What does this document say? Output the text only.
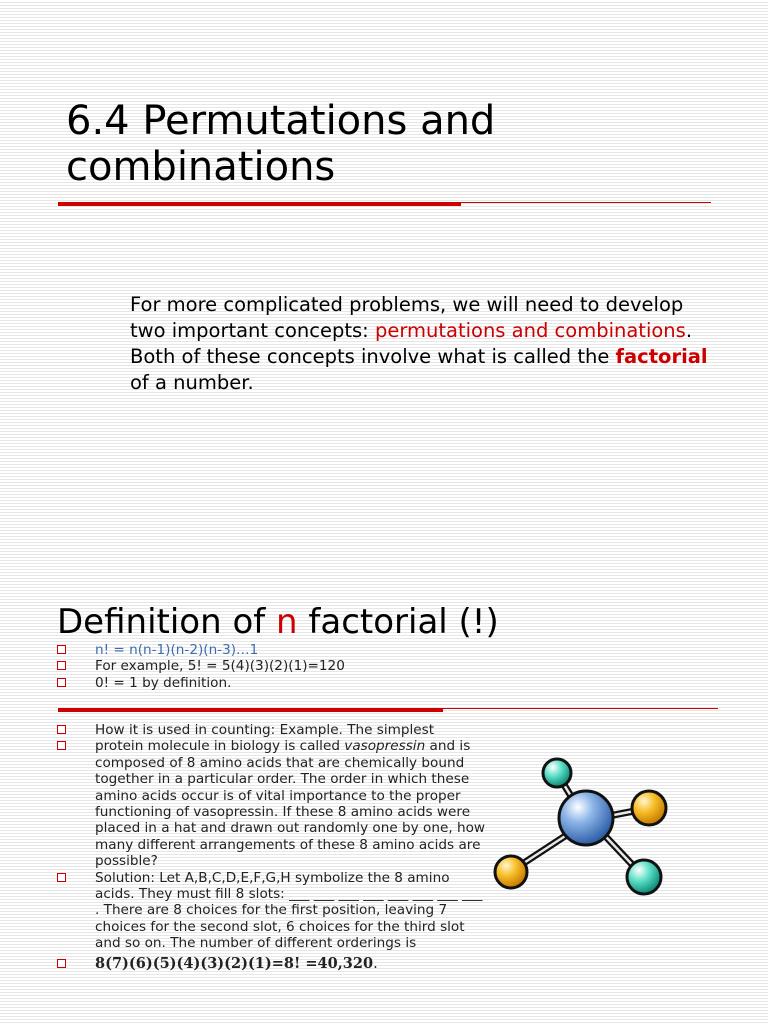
6.4 Permutations and combinations

For more complicated problems, we will need to develop two important concepts: permutations and combinations. Both of these concepts involve what is called the factorial of a number.

Definition of n factorial (!)
n! = n(n-1)(n-2)(n-3)…1
For example, 5! = 5(4)(3)(2)(1)=120
0! = 1 by definition.
How it is used in counting: Example. The simplest
protein molecule in biology is called vasopressin and is composed of 8 amino acids that are chemically bound together in a particular order. The order in which these amino acids occur is of vital importance to the proper functioning of vasopressin. If these 8 amino acids were placed in a hat and drawn out randomly one by one, how many different arrangements of these 8 amino acids are possible?
Solution: Let A,B,C,D,E,F,G,H symbolize the 8 amino acids. They must fill 8 slots: ___ ___ ___ ___ ___ ___ ___ ___ . There are 8 choices for the first position, leaving 7 choices for the second slot, 6 choices for the third slot and so on. The number of different orderings is
8(7)(6)(5)(4)(3)(2)(1)=8! =40,320.
